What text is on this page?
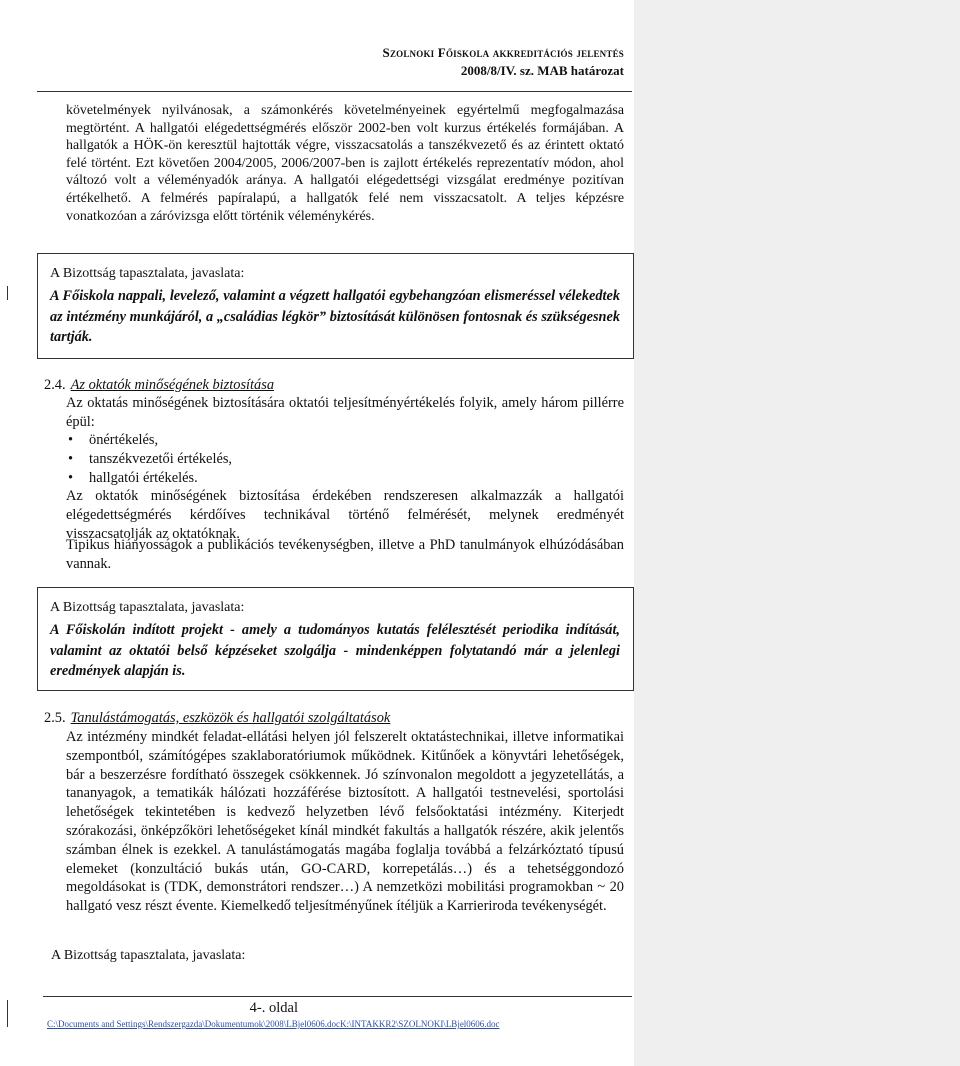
Szolnoki Főiskola akkreditációs jelentés
2008/8/IV. sz. MAB határozat
követelmények nyilvánosak, a számonkérés követelményeinek egyértelmű megfogalmazása megtörtént. A hallgatói elégedettségmérés először 2002-ben volt kurzus értékelés formájában. A hallgatók a HÖK-ön keresztül hajtották végre, visszacsatolás a tanszékvezető és az érintett oktató felé történt. Ezt követően 2004/2005, 2006/2007-ben is zajlott értékelés reprezentatív módon, ahol változó volt a véleményadók aránya. A hallgatói elégedettségi vizsgálat eredménye pozitívan értékelhető. A felmérés papíralapú, a hallgatók felé nem visszacsatolt. A teljes képzésre vonatkozóan a záróvizsga előtt történik véleménykérés.
A Bizottság tapasztalata, javaslata:
A Főiskola nappali, levelező, valamint a végzett hallgatói egybehangzóan elismeréssel vélekedtek az intézmény munkájáról, a „családias légkör” biztosítását különösen fontosnak és szükségesnek tartják.
2.4. Az oktatók minőségének biztosítása
Az oktatás minőségének biztosítására oktatói teljesítményértékelés folyik, amely három pillérre épül:
• önértékelés,
• tanszékvezetői értékelés,
• hallgatói értékelés.
Az oktatók minőségének biztosítása érdekében rendszeresen alkalmazzák a hallgatói elégedettségmérés kérdőíves technikával történő felmérését, melynek eredményét visszacsatolják az oktatóknak.
Tipikus hiányosságok a publikációs tevékenységben, illetve a PhD tanulmányok elhúzódásában vannak.
A Bizottság tapasztalata, javaslata:
A Főiskolán indított projekt - amely a tudományos kutatás felélesztését periodika indítását, valamint az oktatói belső képzéseket szolgálja - mindenképpen folytatandó már a jelenlegi eredmények alapján is.
2.5. Tanulástámogatás, eszközök és hallgatói szolgáltatások
Az intézmény mindkét feladat-ellátási helyen jól felszerelt oktatástechnikai, illetve informatikai szempontból, számítógépes szaklaboratóriumok működnek. Kitűnőek a könyvtári lehetőségek, bár a beszerzésre fordítható összegek csökkennek. Jó színvonalon megoldott a jegyzetellátás, a tananyagok, a tematikák hálózati hozzáférése biztosított. A hallgatói testnevelési, sportolási lehetőségek tekintetében is kedvező helyzetben lévő felsőoktatási intézmény. Kiterjedt szórakozási, önképzőköri lehetőségeket kínál mindkét fakultás a hallgatók részére, akik jelentős számban élnek is ezekkel. A tanulástámogatás magába foglalja továbbá a felzárkóztató típusú elemeket (konzultáció bukás után, GO-CARD, korrepetálás…) és a tehetséggondozó megoldásokat is (TDK, demonstrátori rendszer…) A nemzetközi mobilitási programokban ~ 20 hallgató vesz részt évente. Kiemelkedő teljesítményűnek ítéljük a Karrieriroda tevékenységét.
A Bizottság tapasztalata, javaslata:
4-. oldal
C:\Documents and Settings\Rendszergazda\Dokumentumok\2008\LBjel0606.docK:\INTAKKR2\SZOLNOKI\LBjel0606.doc
